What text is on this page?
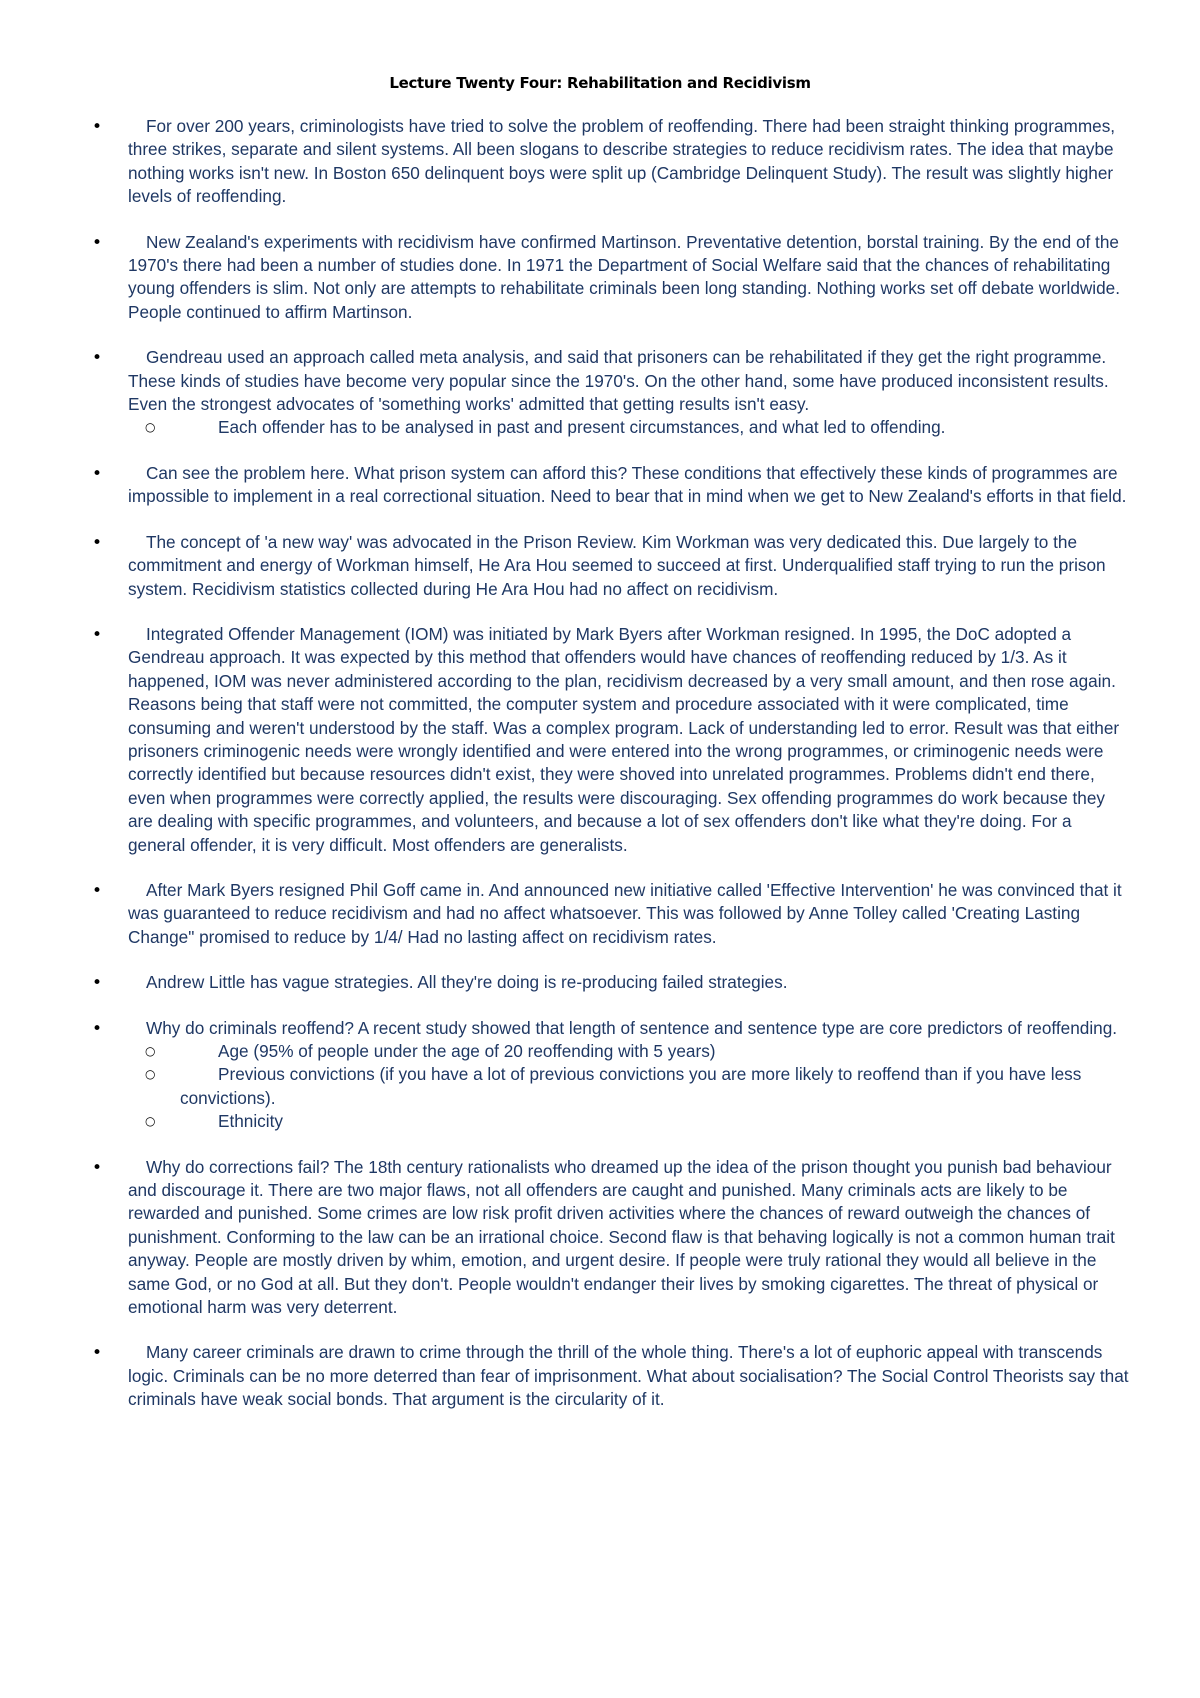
Lecture Twenty Four: Rehabilitation and Recidivism
•	For over 200 years, criminologists have tried to solve the problem of reoffending. There had been straight thinking programmes, three strikes, separate and silent systems. All been slogans to describe strategies to reduce recidivism rates. The idea that maybe nothing works isn't new. In Boston 650 delinquent boys were split up (Cambridge Delinquent Study). The result was slightly higher levels of reoffending.

•	New Zealand's experiments with recidivism have confirmed Martinson. Preventative detention, borstal training. By the end of the 1970's there had been a number of studies done. In 1971 the Department of Social Welfare said that the chances of rehabilitating young offenders is slim. Not only are attempts to rehabilitate criminals been long standing. Nothing works set off debate worldwide. People continued to affirm Martinson.

•	Gendreau used an approach called meta analysis, and said that prisoners can be rehabilitated if they get the right programme. These kinds of studies have become very popular since the 1970's. On the other hand, some have produced inconsistent results. Even the strongest advocates of 'something works' admitted that getting results isn't easy.

○	Each offender has to be analysed in past and present circumstances, and what led to offending.
•	Can see the problem here. What prison system can afford this? These conditions that effectively these kinds of programmes are impossible to implement in a real correctional situation. Need to bear that in mind when we get to New Zealand's efforts in that field.

•	The concept of 'a new way' was advocated in the Prison Review. Kim Workman was very dedicated this. Due largely to the commitment and energy of Workman himself, He Ara Hou seemed to succeed at first. Underqualified staff trying to run the prison system. Recidivism statistics collected during He Ara Hou had no affect on recidivism.

•	Integrated Offender Management (IOM) was initiated by Mark Byers after Workman resigned. In 1995, the DoC adopted a Gendreau approach. It was expected by this method that offenders would have chances of reoffending reduced by 1/3. As it happened, IOM was never administered according to the plan, recidivism decreased by a very small amount, and then rose again. Reasons being that staff were not committed, the computer system and procedure associated with it were complicated, time consuming and weren't understood by the staff. Was a complex program. Lack of understanding led to error. Result was that either prisoners criminogenic needs were wrongly identified and were entered into the wrong programmes, or criminogenic needs were correctly identified but because resources didn't exist, they were shoved into unrelated programmes. Problems didn't end there, even when programmes were correctly applied, the results were discouraging. Sex offending programmes do work because they are dealing with specific programmes, and volunteers, and because a lot of sex offenders don't like what they're doing. For a general offender, it is very difficult. Most offenders are generalists.

•	After Mark Byers resigned Phil Goff came in. And announced new initiative called 'Effective Intervention' he was convinced that it was guaranteed to reduce recidivism and had no affect whatsoever. This was followed by Anne Tolley called 'Creating Lasting Change" promised to reduce by 1/4/ Had no lasting affect on recidivism rates.

•	Andrew Little has vague strategies. All they're doing is re-producing failed strategies.

•	Why do criminals reoffend? A recent study showed that length of sentence and sentence type are core predictors of reoffending.

○	Age (95% of people under the age of 20 reoffending with 5 years)
○	Previous convictions (if you have a lot of previous convictions you are more likely to reoffend than if you have less convictions).
○	Ethnicity
•	Why do corrections fail? The 18th century rationalists who dreamed up the idea of the prison thought you punish bad behaviour and discourage it. There are two major flaws, not all offenders are caught and punished. Many criminals acts are likely to be rewarded and punished. Some crimes are low risk profit driven activities where the chances of reward outweigh the chances of punishment. Conforming to the law can be an irrational choice. Second flaw is that behaving logically is not a common human trait anyway. People are mostly driven by whim, emotion, and urgent desire. If people were truly rational they would all believe in the same God, or no God at all. But they don't. People wouldn't endanger their lives by smoking cigarettes. The threat of physical or emotional harm was very deterrent.

•	Many career criminals are drawn to crime through the thrill of the whole thing. There's a lot of euphoric appeal with transcends logic. Criminals can be no more deterred than fear of imprisonment. What about socialisation? The Social Control Theorists say that criminals have weak social bonds. That argument is the circularity of it.
